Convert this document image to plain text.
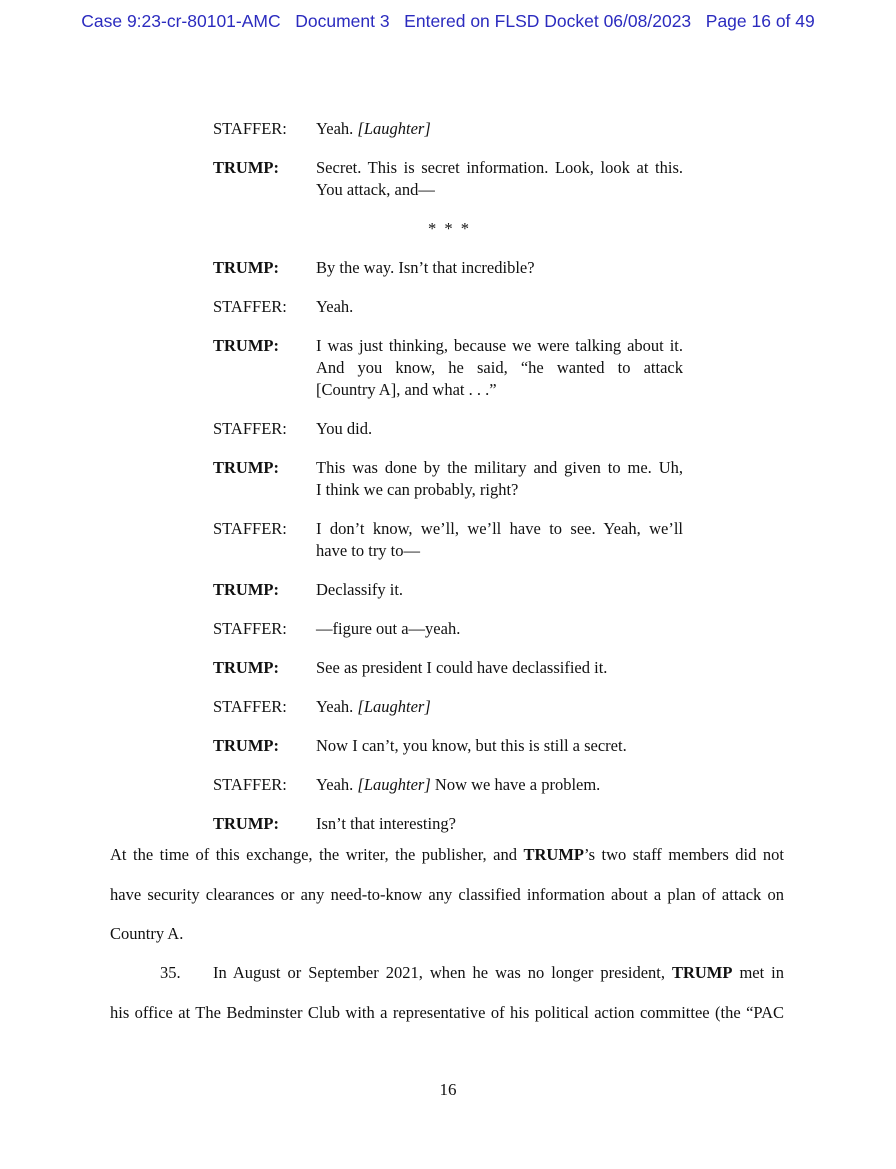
Case 9:23-cr-80101-AMC Document 3 Entered on FLSD Docket 06/08/2023 Page 16 of 49
STAFFER:	Yeah. [Laughter]
TRUMP:	Secret. This is secret information. Look, look at this.
You attack, and—
* * *
TRUMP:	By the way. Isn’t that incredible?
STAFFER:	Yeah.
TRUMP:	I was just thinking, because we were talking about it.
And you know, he said, “he wanted to attack
[Country A], and what . . .”
STAFFER:	You did.
TRUMP:	This was done by the military and given to me. Uh,
I think we can probably, right?
STAFFER:	I don’t know, we’ll, we’ll have to see. Yeah, we’ll
have to try to—
TRUMP:	Declassify it.
STAFFER:	—figure out a—yeah.
TRUMP:	See as president I could have declassified it.
STAFFER:	Yeah. [Laughter]
TRUMP:	Now I can’t, you know, but this is still a secret.
STAFFER:	Yeah. [Laughter] Now we have a problem.
TRUMP:	Isn’t that interesting?
At the time of this exchange, the writer, the publisher, and TRUMP’s two staff members did not
have security clearances or any need-to-know any classified information about a plan of attack on
Country A.
35. In August or September 2021, when he was no longer president, TRUMP met in
his office at The Bedminster Club with a representative of his political action committee (the “PAC
16
